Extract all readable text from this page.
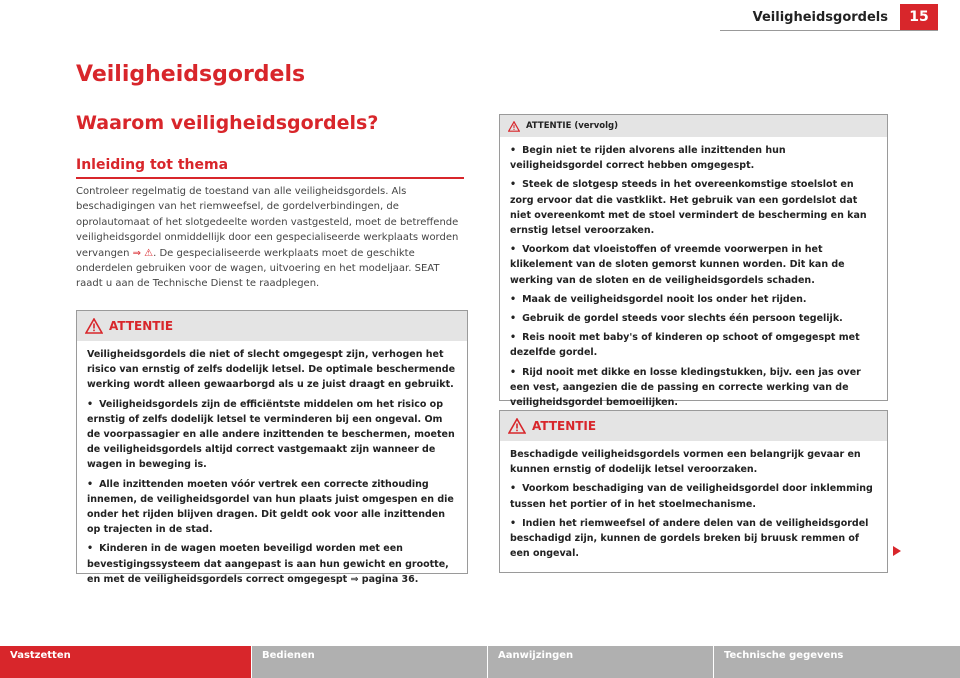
Veiligheidsgordels	15
Veiligheidsgordels
Waarom veiligheidsgordels?
Inleiding tot thema
Controleer regelmatig de toestand van alle veiligheidsgordels. Als beschadigingen van het riemweefsel, de gordelverbindingen, de oprolautomaat of het slotgedeelte worden vastgesteld, moet de betreffende veiligheidsgordel onmiddellijk door een gespecialiseerde werkplaats worden vervangen ⇒ ⚠. De gespecialiseerde werkplaats moet de geschikte onderdelen gebruiken voor de wagen, uitvoering en het modeljaar. SEAT raadt u aan de Technische Dienst te raadplegen.
ATTENTIE

Veiligheidsgordels die niet of slecht omgegespt zijn, verhogen het risico van ernstig of zelfs dodelijk letsel. De optimale beschermende werking wordt alleen gewaarborgd als u ze juist draagt en gebruikt.

• Veiligheidsgordels zijn de efficiëntste middelen om het risico op ernstig of zelfs dodelijk letsel te verminderen bij een ongeval. Om de voorpassagier en alle andere inzittenden te beschermen, moeten de veiligheidsgordels altijd correct vastgemaakt zijn wanneer de wagen in beweging is.

• Alle inzittenden moeten vóór vertrek een correcte zithouding innemen, de veiligheidsgordel van hun plaats juist omgespen en die onder het rijden blijven dragen. Dit geldt ook voor alle inzittenden op trajecten in de stad.

• Kinderen in de wagen moeten beveiligd worden met een bevestigingssysteem dat aangepast is aan hun gewicht en grootte, en met de veiligheidsgordels correct omgegespt ⇒ pagina 36.

ATTENTIE (vervolg)

• Begin niet te rijden alvorens alle inzittenden hun veiligheidsgordel correct hebben omgegespt.

• Steek de slotgesp steeds in het overeenkomstige stoelslot en zorg ervoor dat die vastklikt. Het gebruik van een gordelslot dat niet overeenkomt met de stoel vermindert de bescherming en kan ernstig letsel veroorzaken.

• Voorkom dat vloeistoffen of vreemde voorwerpen in het klikelement van de sloten gemorst kunnen worden. Dit kan de werking van de sloten en de veiligheidsgordels schaden.

• Maak de veiligheidsgordel nooit los onder het rijden.

• Gebruik de gordel steeds voor slechts één persoon tegelijk.

• Reis nooit met baby's of kinderen op schoot of omgegespt met dezelfde gordel.

• Rijd nooit met dikke en losse kledingstukken, bijv. een jas over een vest, aangezien die de passing en correcte werking van de veiligheidsgordel bemoeilijken.

ATTENTIE

Beschadigde veiligheidsgordels vormen een belangrijk gevaar en kunnen ernstig of dodelijk letsel veroorzaken.

• Voorkom beschadiging van de veiligheidsgordel door inklemming tussen het portier of in het stoelmechanisme.

• Indien het riemweefsel of andere delen van de veiligheidsgordel beschadigd zijn, kunnen de gordels breken bij bruusk remmen of een ongeval.

Vastzetten	Bedienen	Aanwijzingen	Technische gegevens
